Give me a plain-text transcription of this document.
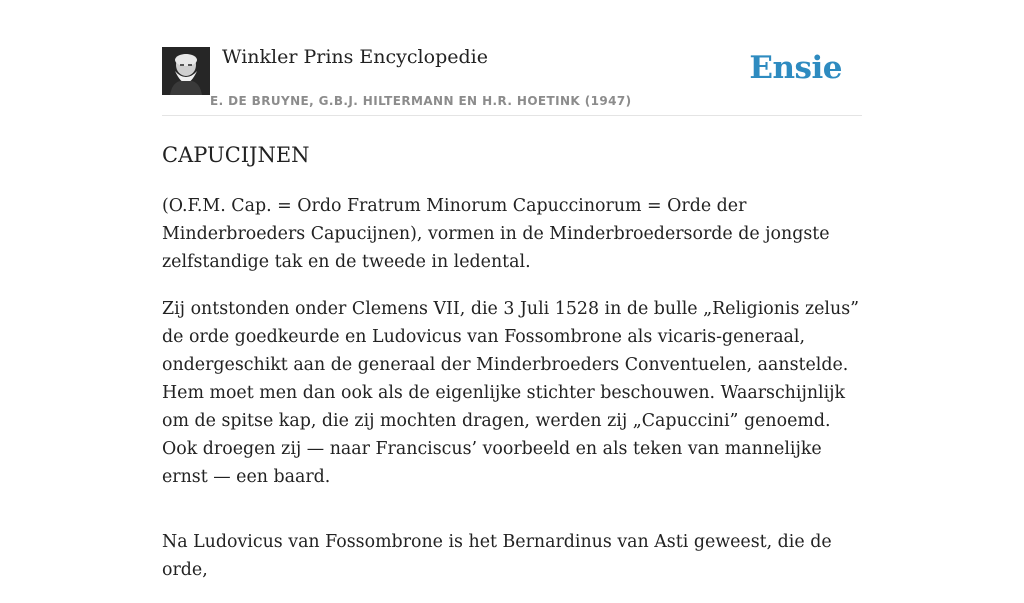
Winkler Prins Encyclopedie
E. DE BRUYNE, G.B.J. HILTERMANN EN H.R. HOETINK (1947)
Ensie
CAPUCIJNEN

(O.F.M. Cap. = Ordo Fratrum Minorum Capuccinorum = Orde der Minderbroeders Capucijnen), vormen in de Minderbroedersorde de jongste zelfstandige tak en de tweede in ledental.

Zij ontstonden onder Clemens VII, die 3 Juli 1528 in de bulle „Religionis zelus” de orde goedkeurde en Ludovicus van Fossombrone als vicaris-generaal, ondergeschikt aan de generaal der Minderbroeders Conventuelen, aanstelde. Hem moet men dan ook als de eigenlijke stichter beschouwen. Waarschijnlijk om de spitse kap, die zij mochten dragen, werden zij „Capuccini” genoemd. Ook droegen zij — naar Franciscus’ voorbeeld en als teken van mannelijke ernst — een baard.

Na Ludovicus van Fossombrone is het Bernardinus van Asti geweest, die de orde,
